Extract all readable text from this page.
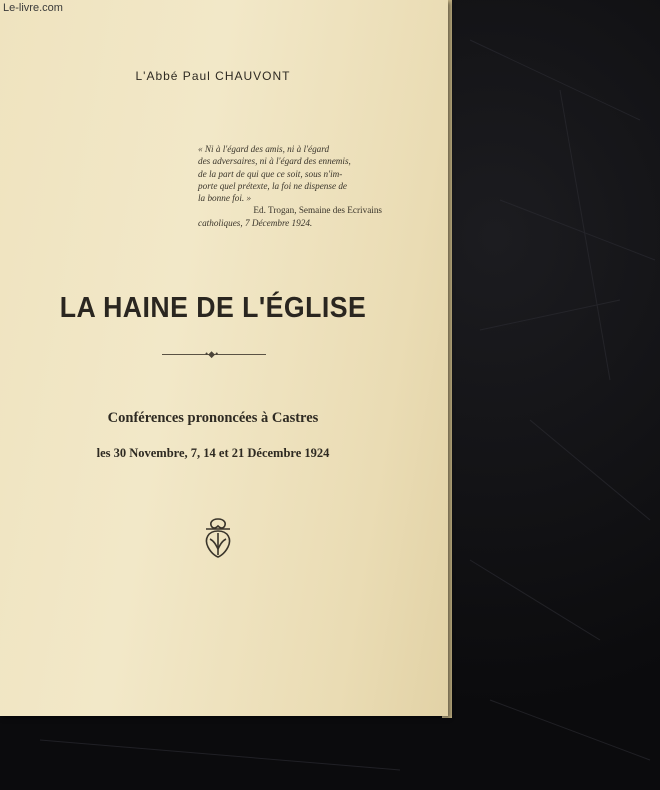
L'Abbé Paul CHAUVONT
« Ni à l'égard des amis, ni à l'égard
des adversaires, ni à l'égard des ennemis,
de la part de qui que ce soit, sous n'im-
porte quel prétexte, la foi ne dispense de
la bonne foi. »
Ed. Trogan, Semaine des Ecrivains
catholiques, 7 Décembre 1924.
LA HAINE DE L'ÉGLISE
•◆•
Conférences prononcées à Castres
les 30 Novembre, 7, 14 et 21 Décembre 1924
Le-livre.com
